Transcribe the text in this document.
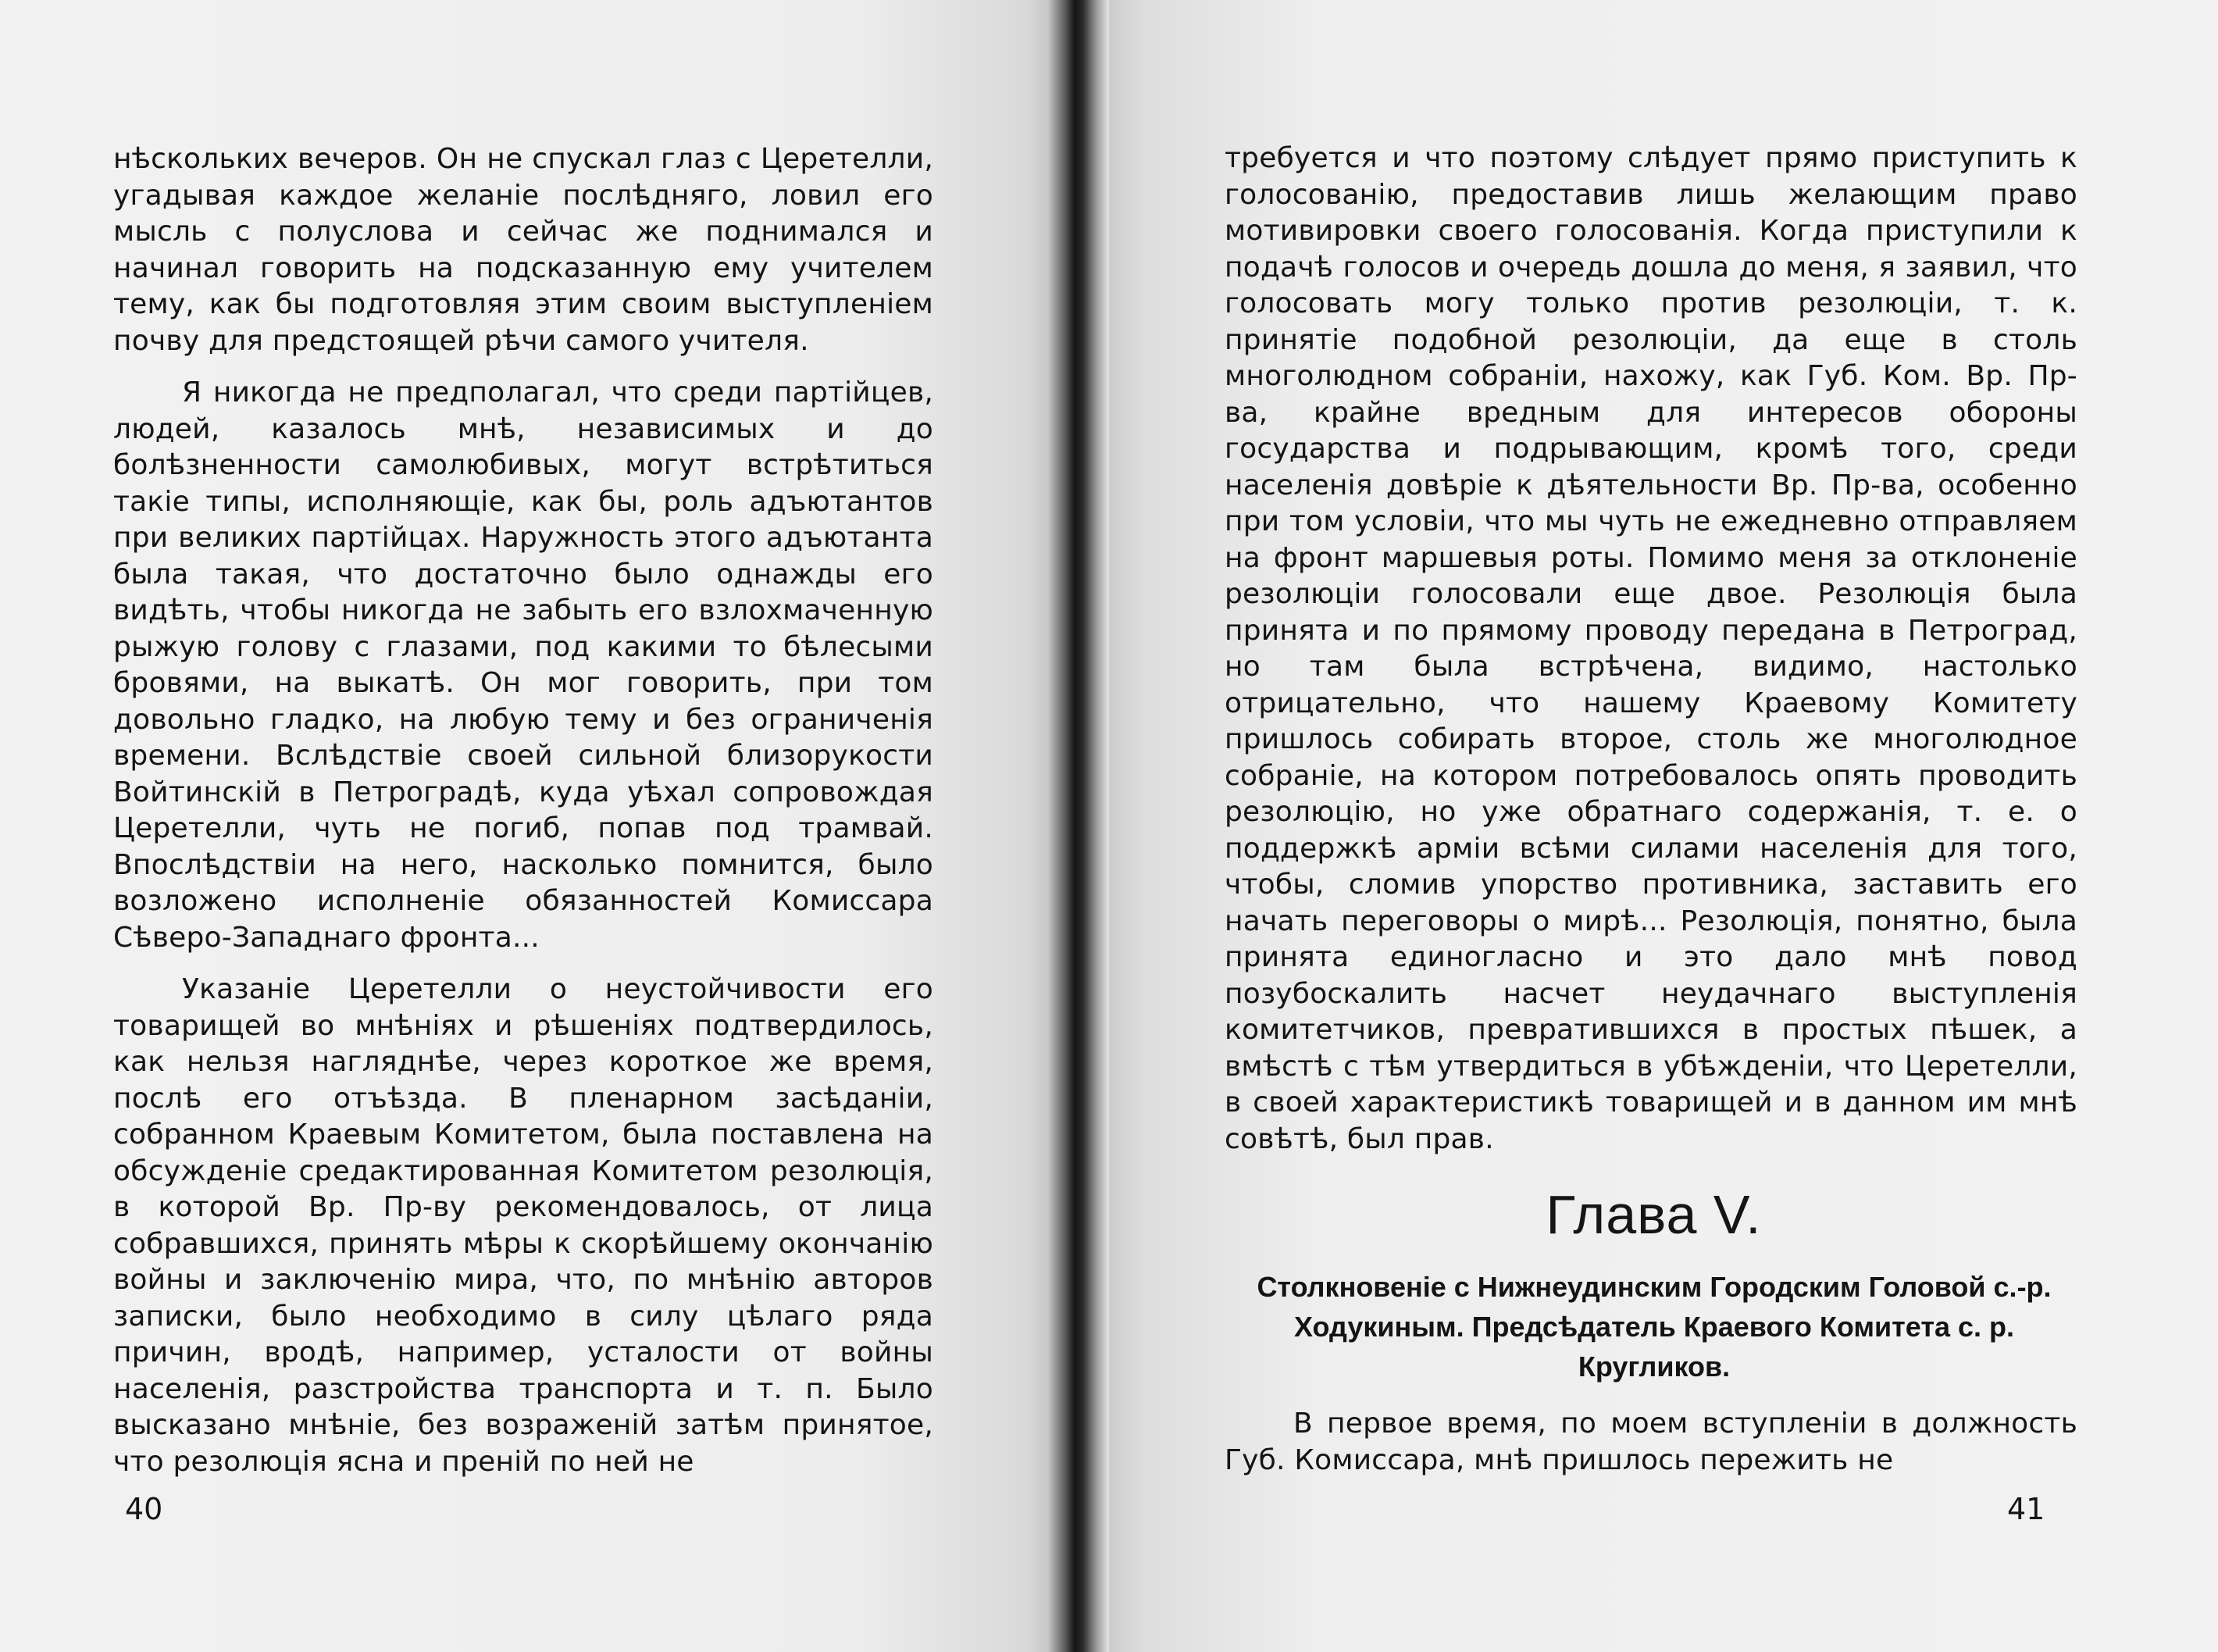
нѣскольких вечеров. Он не спускал глаз с Церетелли, угадывая каждое желаніе послѣдняго, ловил его мысль с полуслова и сейчас же поднимался и начинал говорить на подсказанную ему учителем тему, как бы подготовляя этим своим выступленіем почву для предстоящей рѣчи самого учителя.

Я никогда не предполагал, что среди партійцев, людей, казалось мнѣ, независимых и до болѣзненности самолюбивых, могут встрѣтиться такіе типы, исполняющіе, как бы, роль адъютантов при великих партійцах. Наружность этого адъютанта была такая, что достаточно было однажды его видѣть, чтобы никогда не забыть его взлохмаченную рыжую голову с глазами, под какими то бѣлесыми бровями, на выкатѣ. Он мог говорить, при том довольно гладко, на любую тему и без ограниченія времени. Вслѣдствіе своей сильной близорукости Войтинскій в Петроградѣ, куда уѣхал сопровождая Церетелли, чуть не погиб, попав под трамвай. Впослѣдствіи на него, насколько помнится, было возложено исполненіе обязанностей Комиссара Сѣверо-Западнаго фронта...

Указаніе Церетелли о неустойчивости его товарищей во мнѣніях и рѣшеніях подтвердилось, как нельзя нагляднѣе, через короткое же время, послѣ его отъѣзда. В пленарном засѣданіи, собранном Краевым Комитетом, была поставлена на обсужденіе средактированная Комитетом резолюція, в которой Вр. Пр-ву рекомендовалось, от лица собравшихся, принять мѣры к скорѣйшему окончанію войны и заключенію мира, что, по мнѣнію авторов записки, было необходимо в силу цѣлаго ряда причин, вродѣ, например, усталости от войны населенія, разстройства транспорта и т. п. Было высказано мнѣніе, без возраженій затѣм принятое, что резолюція ясна и преній по ней не

40

требуется и что поэтому слѣдует прямо приступить к голосованію, предоставив лишь желающим право мотивировки своего голосованія. Когда приступили к подачѣ голосов и очередь дошла до меня, я заявил, что голосовать могу только против резолюціи, т. к. принятіе подобной резолюціи, да еще в столь многолюдном собраніи, нахожу, как Губ. Ком. Вр. Пр-ва, крайне вредным для интересов обороны государства и подрывающим, кромѣ того, среди населенія довѣріе к дѣятельности Вр. Пр-ва, особенно при том условіи, что мы чуть не ежедневно отправляем на фронт маршевыя роты. Помимо меня за отклоненіе резолюціи голосовали еще двое. Резолюція была принята и по прямому проводу передана в Петроград, но там была встрѣчена, видимо, настолько отрицательно, что нашему Краевому Комитету пришлось собирать второе, столь же многолюдное собраніе, на котором потребовалось опять проводить резолюцію, но уже обратнаго содержанія, т. е. о поддержкѣ арміи всѣми силами населенія для того, чтобы, сломив упорство противника, заставить его начать переговоры о мирѣ... Резолюція, понятно, была принята единогласно и это дало мнѣ повод позубоскалить насчет неудачнаго выступленія комитетчиков, превратившихся в простых пѣшек, а вмѣстѣ с тѣм утвердиться в убѣжденіи, что Церетелли, в своей характеристикѣ товарищей и в данном им мнѣ совѣтѣ, был прав.

Глава V.
Столкновеніе с Нижнеудинским Городским Головой с.-р. Ходукиным. Предсѣдатель Краевого Комитета с. р. Кругликов.

В первое время, по моем вступленіи в должность Губ. Комиссара, мнѣ пришлось пережить не

41
